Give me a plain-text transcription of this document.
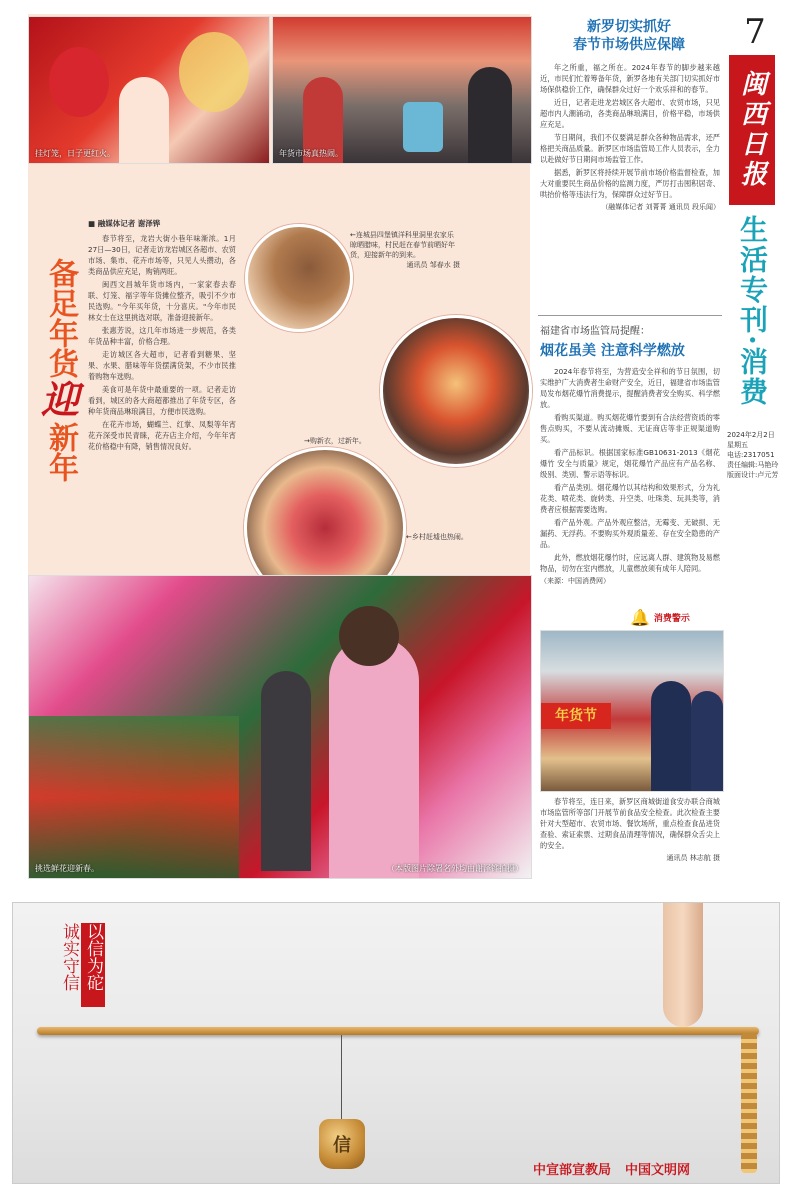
7
闽西日报
生活专刊·消费
2024年2月2日
星期五
电话:2317051
责任编辑:马艳玲
版面设计:卢元芳
挂灯笼，日子更红火。	年货市场真热闹。
备足年货
迎
新年
■ 融媒体记者 谢泽铧

春节将至，龙岩大街小巷年味渐浓。1月27日—30日，记者走访龙岩城区各超市、农贸市场、集市、花卉市场等，只见人头攒动，各类商品供应充足，购销两旺。

闽西文昌城年货市场内，一家家春去春联、灯笼、福字等年货摊位整齐，吸引不少市民选购。"今年买年货，十分喜庆。"今年市民林女士在这里挑选对联，准备迎接新年。

张惠芳说，这几年市场进一步规范，各类年货品种丰富，价格合理。

走访城区各大超市，记者看到糖果、坚果、水果、腊味等年货摆满货架，不少市民推着购物车选购。

美食可是年货中最重要的一项。记者走访看到，城区的各大商超都推出了年货专区，各种年货商品琳琅满目，方便市民选购。

在花卉市场，蝴蝶兰、红掌、凤梨等年宵花卉深受市民青睐，花卉店主介绍，今年年宵花价格稳中有降，销售情况良好。

←连城县四堡镇洋科里洞里农家乐晾晒腊味，村民赶在春节前晒好年货，迎接新年的到来。
通讯员 邹春水 摄
→购新衣，过新年。
←乡村赶墟也热闹。
挑选鲜花迎新春。	（本版图片除署名外均由谢泽铧拍摄）
新罗切实抓好
春节市场供应保障

年之所重，福之所在。2024年春节的脚步越来越近，市民们忙着筹备年货，新罗各地有关部门切实抓好市场保供稳价工作，确保群众过好一个欢乐祥和的春节。

近日，记者走进龙岩城区各大超市、农贸市场，只见超市内人潮涌动，各类商品琳琅满目，价格平稳，市场供应充足。

节日期间，我们不仅要满足群众各种物品需求，还严格把关商品质量。新罗区市场监管局工作人员表示，全力以赴做好节日期间市场监管工作。

据悉，新罗区将持续开展节前市场价格监督检查，加大对重要民生商品价格的监测力度，严厉打击囤积居奇、哄抬价格等违法行为，保障群众过好节日。

（融媒体记者 刘菁菁 通讯员 段乐闻）
福建省市场监管局提醒：
烟花虽美 注意科学燃放

2024年春节将至，为营造安全祥和的节日氛围，切实维护广大消费者生命财产安全，近日，福建省市场监管局发布烟花爆竹消费提示，提醒消费者安全购买、科学燃放。

看购买渠道。购买烟花爆竹要到有合法经营资质的零售点购买，不要从流动摊贩、无证商店等非正规渠道购买。

看产品标识。根据国家标准GB10631-2013《烟花爆竹 安全与质量》规定，烟花爆竹产品应有产品名称、级别、类别、警示语等标识。

看产品类别。烟花爆竹以其结构和效果形式，分为礼花类、喷花类、旋转类、升空类、吐珠类、玩具类等，消费者应根据需要选购。

看产品外观。产品外观应整洁，无霉变、无破损、无漏药、无浮药。不要购买外观质量差、存在安全隐患的产品。

此外，燃放烟花爆竹时，应远离人群、建筑物及易燃物品，切勿在室内燃放，儿童燃放须有成年人陪同。

（来源：中国消费网）
🔔 消费警示
年货节

春节将至，连日来，新罗区商城街道食安办联合商城市场监管所等部门开展节前食品安全检查。此次检查主要针对大型超市、农贸市场、餐饮场所，重点检查食品进货查验、索证索票、过期食品清理等情况，确保群众舌尖上的安全。

通讯员 林志航 摄
诚实守信 以信为砣
信
中宣部宣教局 中国文明网
